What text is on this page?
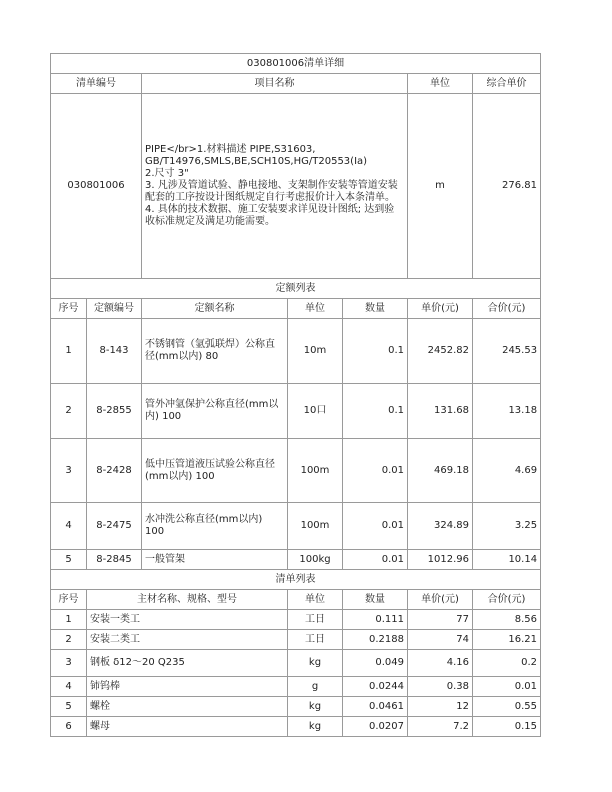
030801006清单详细			
清单编号	项目名称	单位	综合单价
030801006	PIPE</br>1.材料描述 PIPE,S31603,
GB/T14976,SMLS,BE,SCH10S,HG/T20553(Ia)
2.尺寸 3"
3. 凡涉及管道试验、静电接地、支架制作安装等管道安装配套的工序按设计图纸规定自行考虑报价计入本条清单。
4. 具体的技术数据、施工安装要求详见设计图纸; 达到验收标准规定及满足功能需要。	m	276.81
定额列表						
序号	定额编号	定额名称	单位	数量	单价(元)	合价(元)
1	8-143	不锈钢管（氩弧联焊）公称直径(mm以内) 80	10m	0.1	2452.82	245.53
2	8-2855	管外冲氩保护公称直径(mm以内) 100	10口	0.1	131.68	13.18
3	8-2428	低中压管道液压试验公称直径(mm以内) 100	100m	0.01	469.18	4.69
4	8-2475	水冲洗公称直径(mm以内) 100	100m	0.01	324.89	3.25
5	8-2845	一般管架	100kg	0.01	1012.96	10.14
清单列表					
序号	主材名称、规格、型号	单位	数量	单价(元)	合价(元)
1	安装一类工	工日	0.111	77	8.56
2	安装二类工	工日	0.2188	74	16.21
3	钢板 δ12～20 Q235	kg	0.049	4.16	0.2
4	铈钨棒	g	0.0244	0.38	0.01
5	螺栓	kg	0.0461	12	0.55
6	螺母	kg	0.0207	7.2	0.15
